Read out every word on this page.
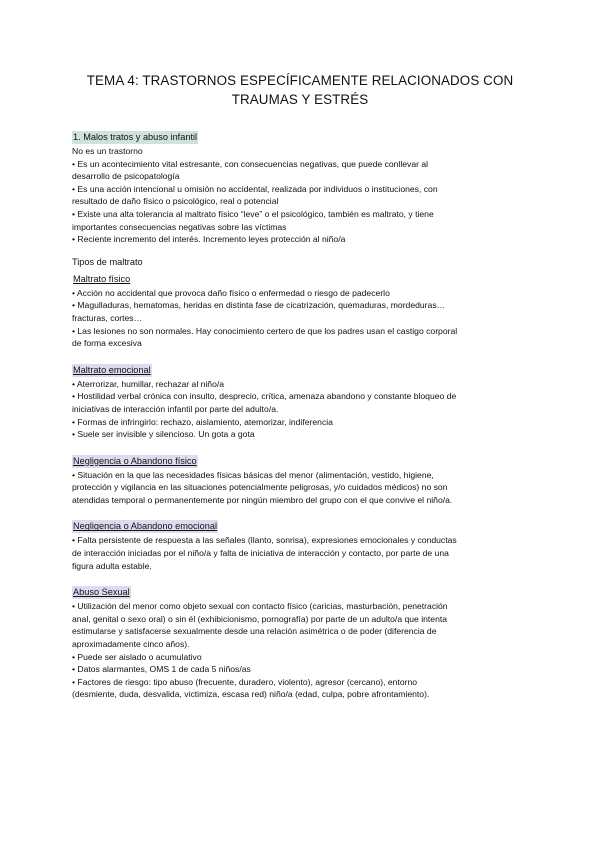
TEMA 4: TRASTORNOS ESPECÍFICAMENTE RELACIONADOS CON
TRAUMAS Y ESTRÉS
1. Malos tratos y abuso infantil

No es un trastorno

• Es un acontecimiento vital estresante, con consecuencias negativas, que puede conllevar al

desarrollo de psicopatología

• Es una acción intencional u omisión no accidental, realizada por individuos o instituciones, con

resultado de daño físico o psicológico, real o potencial

• Existe una alta tolerancia al maltrato físico “leve” o el psicológico, también es maltrato, y tiene

importantes consecuencias negativas sobre las víctimas

• Reciente incremento del interés. Incremento leyes protección al niño/a

Tipos de maltrato
Maltrato físico

• Acción no accidental que provoca daño físico o enfermedad o riesgo de padecerlo

• Magulladuras, hematomas, heridas en distinta fase de cicatrización, quemaduras, mordeduras…

fracturas, cortes…

• Las lesiones no son normales. Hay conocimiento certero de que los padres usan el castigo corporal

de forma excesiva

Maltrato emocional

• Aterrorizar, humillar, rechazar al niño/a

• Hostilidad verbal crónica con insulto, desprecio, crítica, amenaza abandono y constante bloqueo de

iniciativas de interacción infantil por parte del adulto/a.

• Formas de infringirlo: rechazo, aislamiento, atemorizar, indiferencia

• Suele ser invisible y silencioso. Un gota a gota

Negligencia o Abandono físico

• Situación en la que las necesidades físicas básicas del menor (alimentación, vestido, higiene,

protección y vigilancia en las situaciones potencialmente peligrosas, y/o cuidados médicos) no son

atendidas temporal o permanentemente por ningún miembro del grupo con el que convive el niño/a.

Negligencia o Abandono emocional

• Falta persistente de respuesta a las señales (llanto, sonrisa), expresiones emocionales y conductas

de interacción iniciadas por el niño/a y falta de iniciativa de interacción y contacto, por parte de una

figura adulta estable.

Abuso Sexual

• Utilización del menor como objeto sexual con contacto físico (caricias, masturbación, penetración

anal, genital o sexo oral) o sin él (exhibicionismo, pornografía) por parte de un adulto/a que intenta

estimularse y satisfacerse sexualmente desde una relación asimétrica o de poder (diferencia de

aproximadamente cinco años).

• Puede ser aislado o acumulativo

• Datos alarmantes, OMS 1 de cada 5 niños/as

• Factores de riesgo: tipo abuso (frecuente, duradero, violento), agresor (cercano), entorno

(desmiente, duda, desvalida, victimiza, escasa red) niño/a (edad, culpa, pobre afrontamiento).
